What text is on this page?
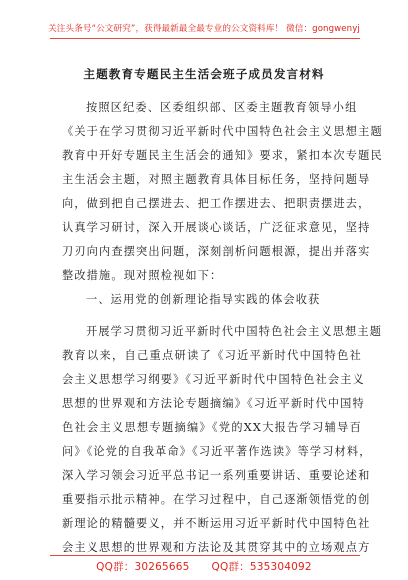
关注头条号“公文研究”，获得最新最全最专业的公文资料库！ 微信：gongwenyj
主题教育专题民主生活会班子成员发言材料
按照区纪委、区委组织部、区委主题教育领导小组
《关于在学习贯彻习近平新时代中国特色社会主义思想主题
教育中开好专题民主生活会的通知》要求，紧扣本次专题民
主生活会主题，对照主题教育具体目标任务，坚持问题导
向，做到把自己摆进去、把工作摆进去、把职责摆进去，
认真学习研讨，深入开展谈心谈话，广泛征求意见，坚持
刀刃向内查摆突出问题，深刻剖析问题根源，提出并落实
整改措施。现对照检视如下：
一、运用党的创新理论指导实践的体会收获
开展学习贯彻习近平新时代中国特色社会主义思想主题
教育以来，自己重点研读了《习近平新时代中国特色社
会主义思想学习纲要》《习近平新时代中国特色社会主义
思想的世界观和方法论专题摘编》《习近平新时代中国特
色社会主义思想专题摘编》《党的XX大报告学习辅导百
问》《论党的自我革命》《习近平著作选读》等学习材料，
深入学习领会习近平总书记一系列重要讲话、重要论述和
重要指示批示精神。在学习过程中，自己逐渐领悟党的创
新理论的精髓要义，并不断运用习近平新时代中国特色社
会主义思想的世界观和方法论及其贯穿其中的立场观点方
QQ群：30265665 QQ群：535304092
